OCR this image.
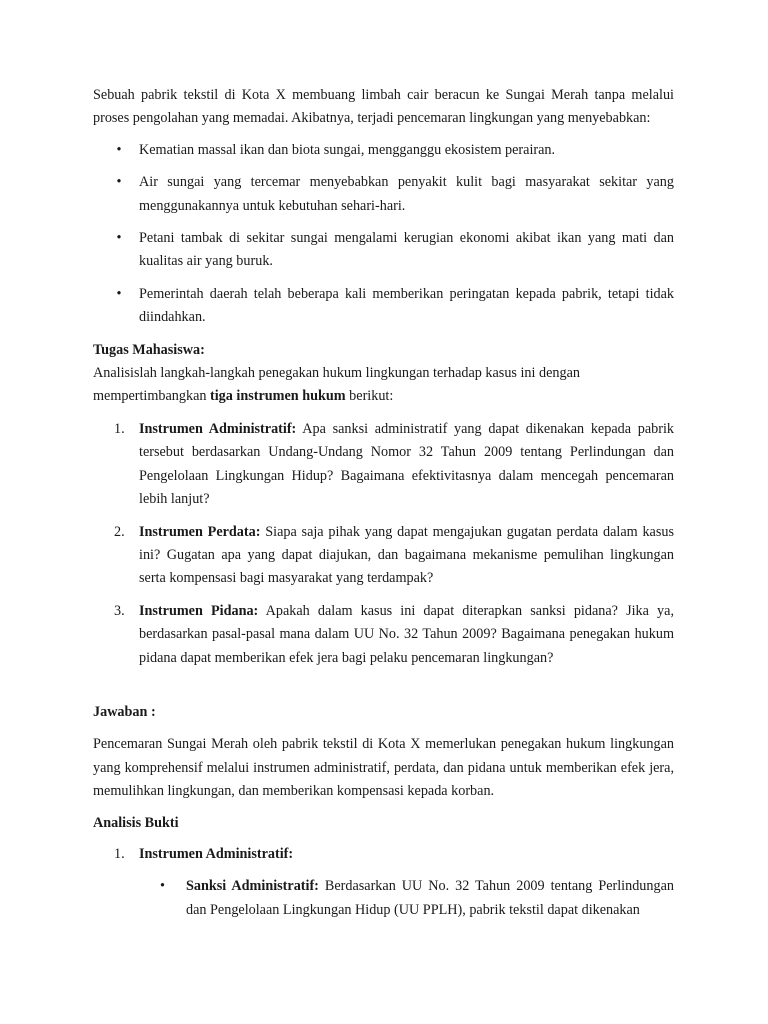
Sebuah pabrik tekstil di Kota X membuang limbah cair beracun ke Sungai Merah tanpa melalui proses pengolahan yang memadai. Akibatnya, terjadi pencemaran lingkungan yang menyebabkan:

• Kematian massal ikan dan biota sungai, mengganggu ekosistem perairan.
• Air sungai yang tercemar menyebabkan penyakit kulit bagi masyarakat sekitar yang menggunakannya untuk kebutuhan sehari-hari.
• Petani tambak di sekitar sungai mengalami kerugian ekonomi akibat ikan yang mati dan kualitas air yang buruk.
• Pemerintah daerah telah beberapa kali memberikan peringatan kepada pabrik, tetapi tidak diindahkan.

Tugas Mahasiswa:

Analisislah langkah-langkah penegakan hukum lingkungan terhadap kasus ini dengan
mempertimbangkan tiga instrumen hukum berikut:

1. Instrumen Administratif: Apa sanksi administratif yang dapat dikenakan kepada pabrik tersebut berdasarkan Undang-Undang Nomor 32 Tahun 2009 tentang Perlindungan dan Pengelolaan Lingkungan Hidup? Bagaimana efektivitasnya dalam mencegah pencemaran lebih lanjut?
2. Instrumen Perdata: Siapa saja pihak yang dapat mengajukan gugatan perdata dalam kasus ini? Gugatan apa yang dapat diajukan, dan bagaimana mekanisme pemulihan lingkungan serta kompensasi bagi masyarakat yang terdampak?
3. Instrumen Pidana: Apakah dalam kasus ini dapat diterapkan sanksi pidana? Jika ya, berdasarkan pasal-pasal mana dalam UU No. 32 Tahun 2009? Bagaimana penegakan hukum pidana dapat memberikan efek jera bagi pelaku pencemaran lingkungan?

Jawaban :

Pencemaran Sungai Merah oleh pabrik tekstil di Kota X memerlukan penegakan hukum lingkungan yang komprehensif melalui instrumen administratif, perdata, dan pidana untuk memberikan efek jera, memulihkan lingkungan, dan memberikan kompensasi kepada korban.

Analisis Bukti

1. Instrumen Administratif:
• Sanksi Administratif: Berdasarkan UU No. 32 Tahun 2009 tentang Perlindungan dan Pengelolaan Lingkungan Hidup (UU PPLH), pabrik tekstil dapat dikenakan
